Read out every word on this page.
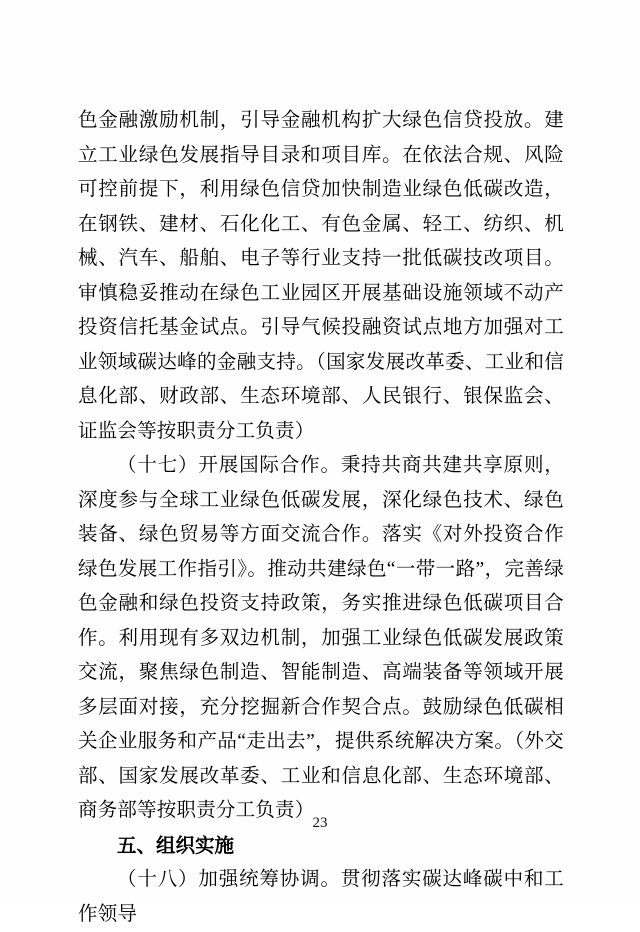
色金融激励机制，引导金融机构扩大绿色信贷投放。建立工业绿色发展指导目录和项目库。在依法合规、风险可控前提下，利用绿色信贷加快制造业绿色低碳改造，在钢铁、建材、石化化工、有色金属、轻工、纺织、机械、汽车、船舶、电子等行业支持一批低碳技改项目。审慎稳妥推动在绿色工业园区开展基础设施领域不动产投资信托基金试点。引导气候投融资试点地方加强对工业领域碳达峰的金融支持。（国家发展改革委、工业和信息化部、财政部、生态环境部、人民银行、银保监会、证监会等按职责分工负责）

（十七）开展国际合作。秉持共商共建共享原则，深度参与全球工业绿色低碳发展，深化绿色技术、绿色装备、绿色贸易等方面交流合作。落实《对外投资合作绿色发展工作指引》。推动共建绿色“一带一路”，完善绿色金融和绿色投资支持政策，务实推进绿色低碳项目合作。利用现有多双边机制，加强工业绿色低碳发展政策交流，聚焦绿色制造、智能制造、高端装备等领域开展多层面对接，充分挖掘新合作契合点。鼓励绿色低碳相关企业服务和产品“走出去”，提供系统解决方案。（外交部、国家发展改革委、工业和信息化部、生态环境部、商务部等按职责分工负责）

五、组织实施

（十八）加强统筹协调。贯彻落实碳达峰碳中和工作领导

23
